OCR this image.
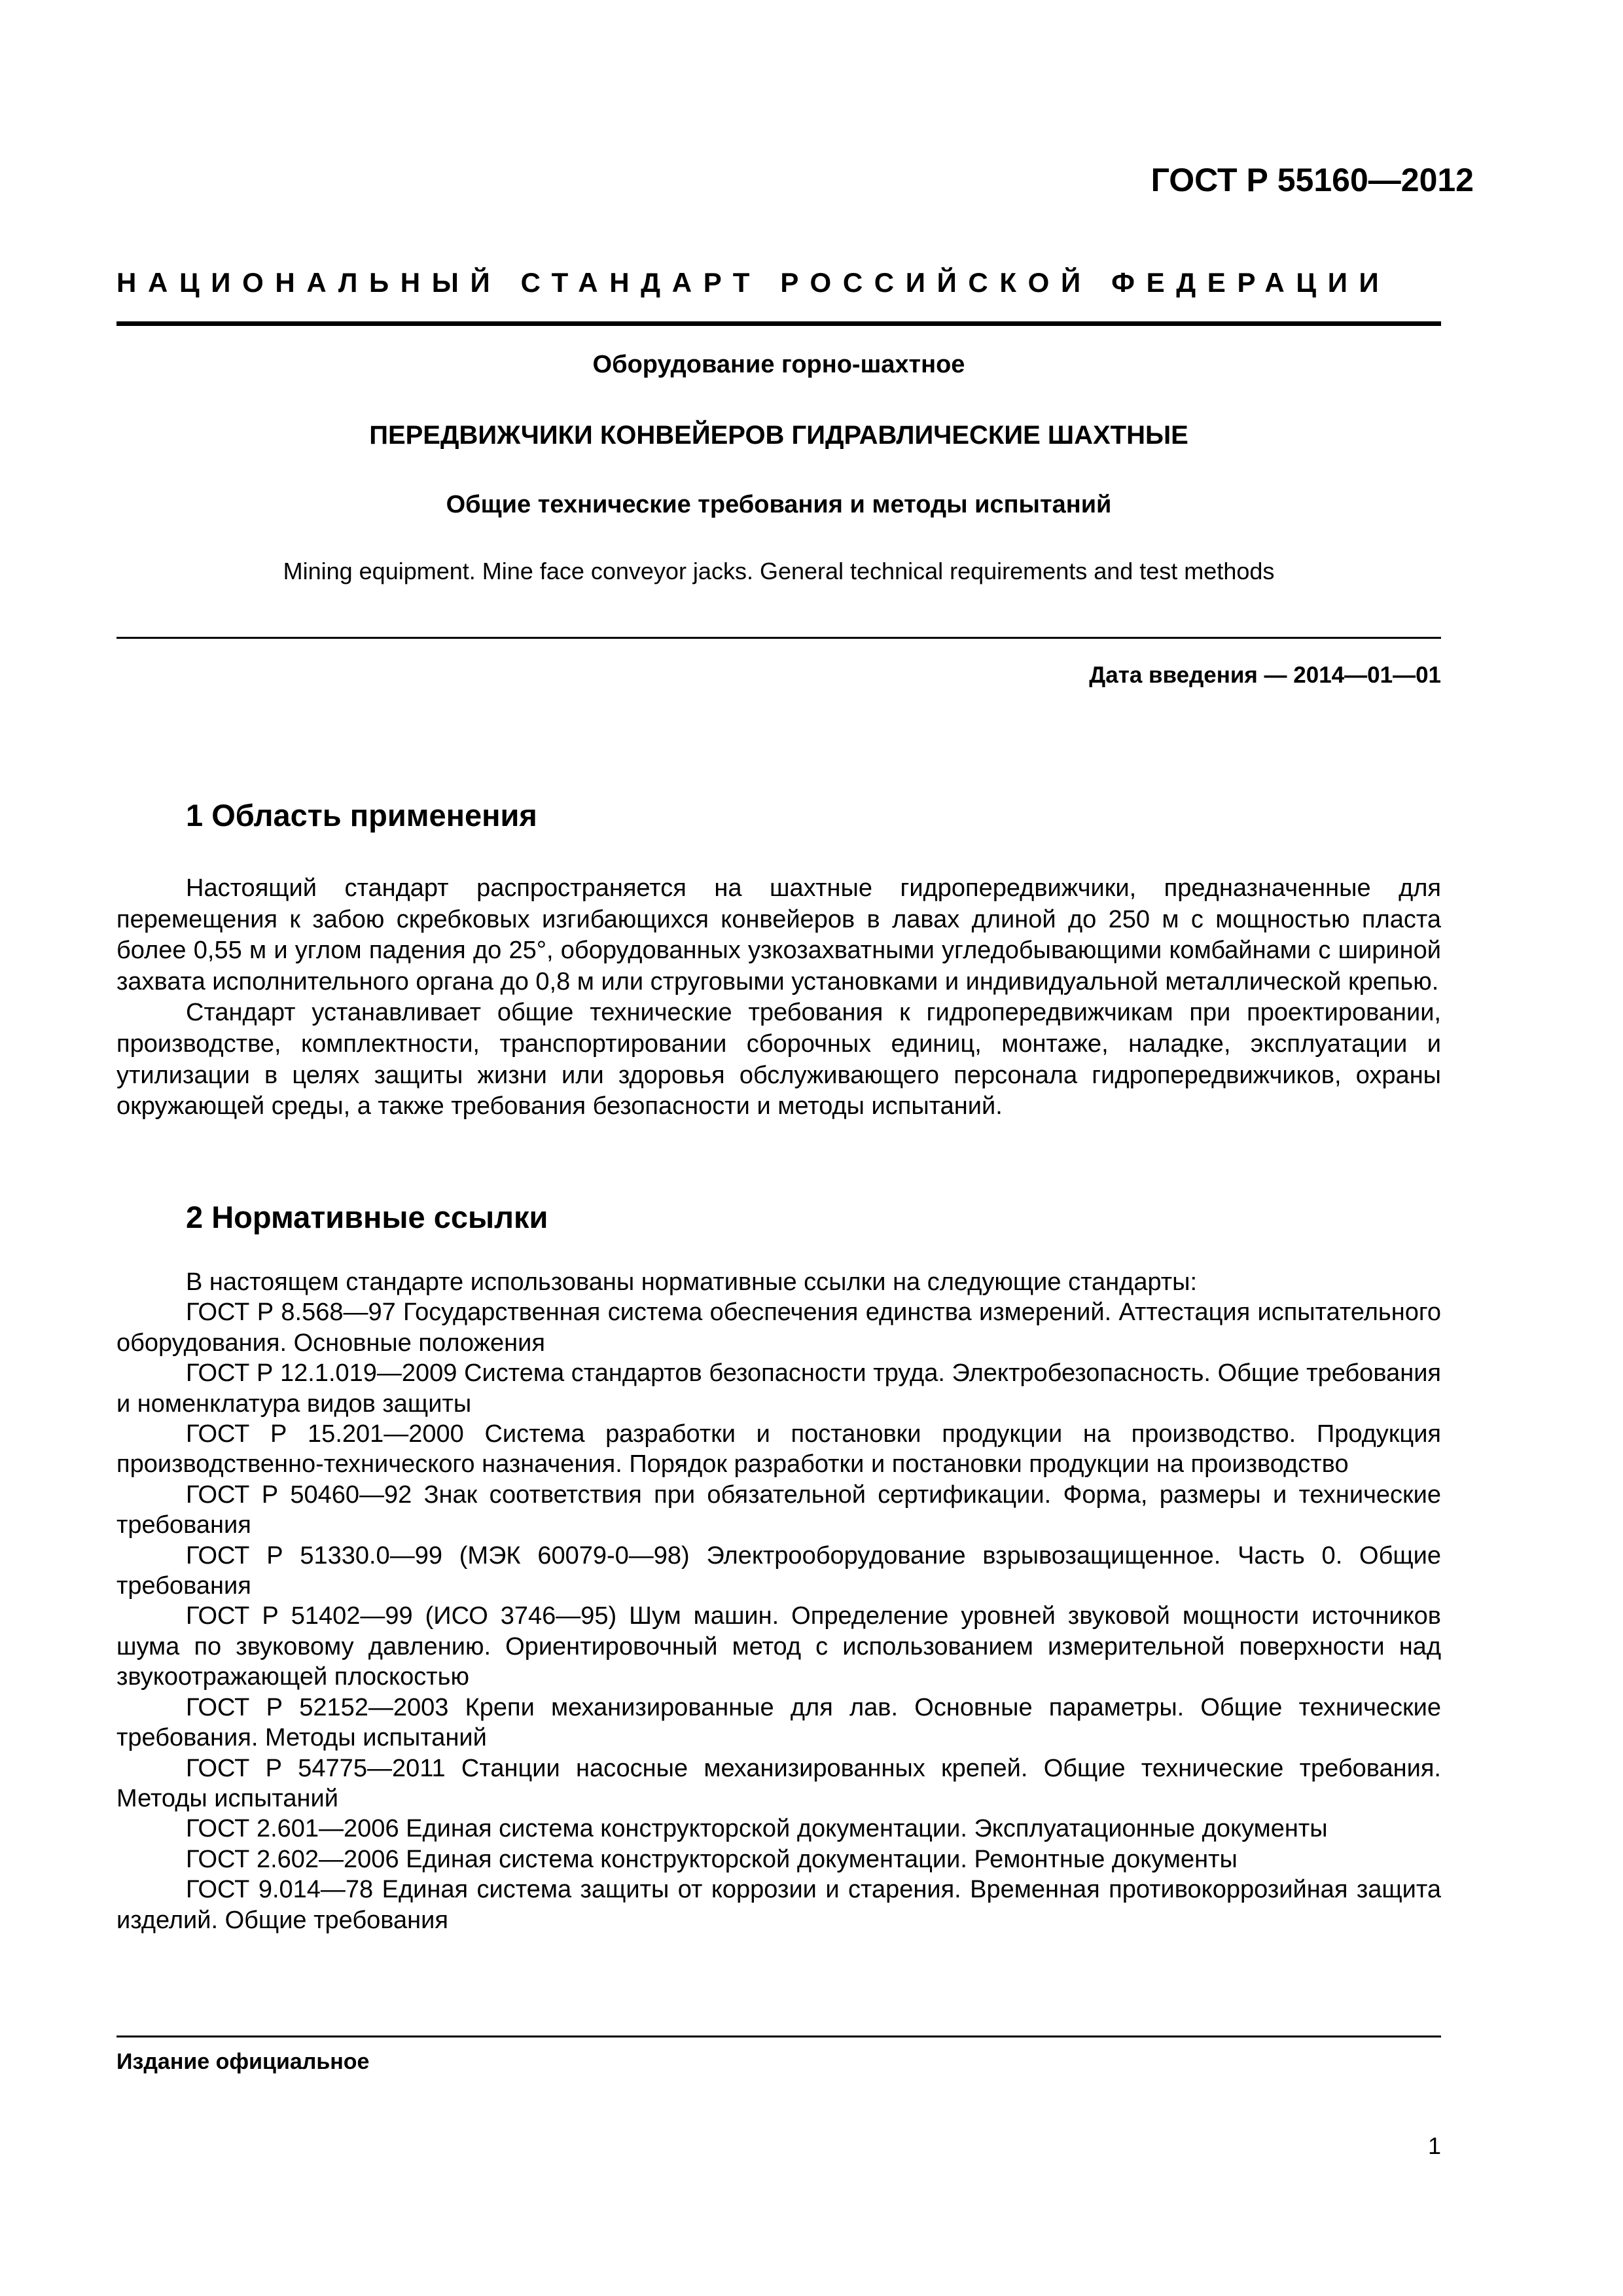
ГОСТ Р 55160—2012
НАЦИОНАЛЬНЫЙ СТАНДАРТ РОССИЙСКОЙ ФЕДЕРАЦИИ
Оборудование горно-шахтное
ПЕРЕДВИЖЧИКИ КОНВЕЙЕРОВ ГИДРАВЛИЧЕСКИЕ ШАХТНЫЕ
Общие технические требования и методы испытаний
Mining equipment. Mine face conveyor jacks. General technical requirements and test methods
Дата введения — 2014—01—01
1 Область применения

Настоящий стандарт распространяется на шахтные гидропередвижчики, предназначенные для перемещения к забою скребковых изгибающихся конвейеров в лавах длиной до 250 м с мощностью пласта более 0,55 м и углом падения до 25°, оборудованных узкозахватными угледобывающими комбайнами с шириной захвата исполнительного органа до 0,8 м или струговыми установками и индивидуальной металлической крепью.

Стандарт устанавливает общие технические требования к гидропередвижчикам при проектировании, производстве, комплектности, транспортировании сборочных единиц, монтаже, наладке, эксплуатации и утилизации в целях защиты жизни или здоровья обслуживающего персонала гидропередвижчиков, охраны окружающей среды, а также требования безопасности и методы испытаний.

2 Нормативные ссылки

В настоящем стандарте использованы нормативные ссылки на следующие стандарты:

ГОСТ Р 8.568—97 Государственная система обеспечения единства измерений. Аттестация испытательного оборудования. Основные положения

ГОСТ Р 12.1.019—2009 Система стандартов безопасности труда. Электробезопасность. Общие требования и номенклатура видов защиты

ГОСТ Р 15.201—2000 Система разработки и постановки продукции на производство. Продукция производственно-технического назначения. Порядок разработки и постановки продукции на производство

ГОСТ Р 50460—92 Знак соответствия при обязательной сертификации. Форма, размеры и технические требования

ГОСТ Р 51330.0—99 (МЭК 60079-0—98) Электрооборудование взрывозащищенное. Часть 0. Общие требования

ГОСТ Р 51402—99 (ИСО 3746—95) Шум машин. Определение уровней звуковой мощности источников шума по звуковому давлению. Ориентировочный метод с использованием измерительной поверхности над звукоотражающей плоскостью

ГОСТ Р 52152—2003 Крепи механизированные для лав. Основные параметры. Общие технические требования. Методы испытаний

ГОСТ Р 54775—2011 Станции насосные механизированных крепей. Общие технические требования. Методы испытаний

ГОСТ 2.601—2006 Единая система конструкторской документации. Эксплуатационные документы

ГОСТ 2.602—2006 Единая система конструкторской документации. Ремонтные документы

ГОСТ 9.014—78 Единая система защиты от коррозии и старения. Временная противокоррозийная защита изделий. Общие требования

Издание официальное
1
